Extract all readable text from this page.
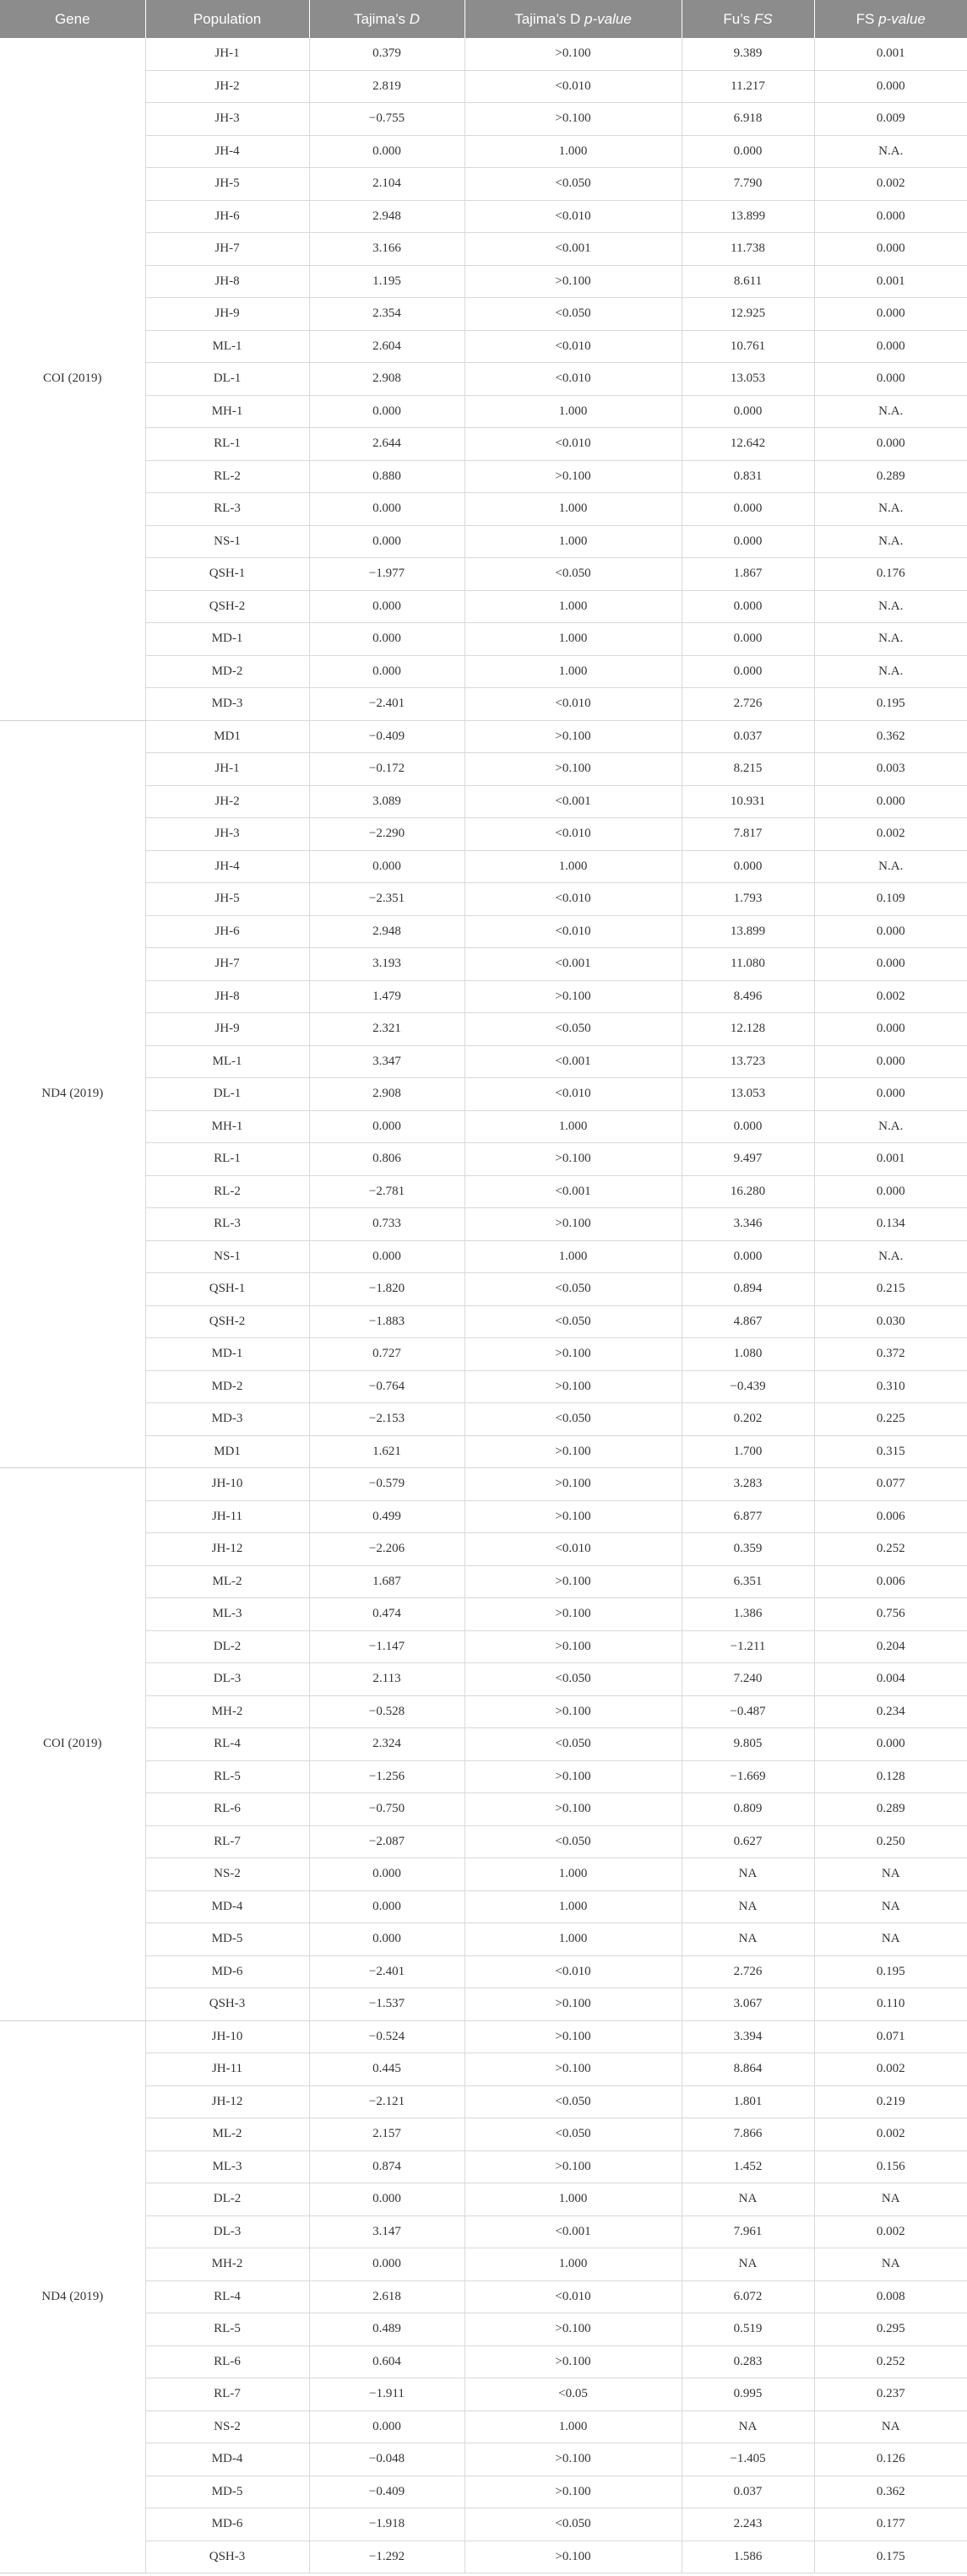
Gene	Population	Tajima’s D	Tajima’s D p-value	Fu’s FS	FS p-value
COI (2019)	JH-1	0.379	>0.100	9.389	0.001
	JH-2	2.819	<0.010	11.217	0.000
	JH-3	−0.755	>0.100	6.918	0.009
	JH-4	0.000	1.000	0.000	N.A.
	JH-5	2.104	<0.050	7.790	0.002
	JH-6	2.948	<0.010	13.899	0.000
	JH-7	3.166	<0.001	11.738	0.000
	JH-8	1.195	>0.100	8.611	0.001
	JH-9	2.354	<0.050	12.925	0.000
	ML-1	2.604	<0.010	10.761	0.000
	DL-1	2.908	<0.010	13.053	0.000
	MH-1	0.000	1.000	0.000	N.A.
	RL-1	2.644	<0.010	12.642	0.000
	RL-2	0.880	>0.100	0.831	0.289
	RL-3	0.000	1.000	0.000	N.A.
	NS-1	0.000	1.000	0.000	N.A.
	QSH-1	−1.977	<0.050	1.867	0.176
	QSH-2	0.000	1.000	0.000	N.A.
	MD-1	0.000	1.000	0.000	N.A.
	MD-2	0.000	1.000	0.000	N.A.
	MD-3	−2.401	<0.010	2.726	0.195
ND4 (2019)	MD1	−0.409	>0.100	0.037	0.362
	JH-1	−0.172	>0.100	8.215	0.003
	JH-2	3.089	<0.001	10.931	0.000
	JH-3	−2.290	<0.010	7.817	0.002
	JH-4	0.000	1.000	0.000	N.A.
	JH-5	−2.351	<0.010	1.793	0.109
	JH-6	2.948	<0.010	13.899	0.000
	JH-7	3.193	<0.001	11.080	0.000
	JH-8	1.479	>0.100	8.496	0.002
	JH-9	2.321	<0.050	12.128	0.000
	ML-1	3.347	<0.001	13.723	0.000
	DL-1	2.908	<0.010	13.053	0.000
	MH-1	0.000	1.000	0.000	N.A.
	RL-1	0.806	>0.100	9.497	0.001
	RL-2	−2.781	<0.001	16.280	0.000
	RL-3	0.733	>0.100	3.346	0.134
	NS-1	0.000	1.000	0.000	N.A.
	QSH-1	−1.820	<0.050	0.894	0.215
	QSH-2	−1.883	<0.050	4.867	0.030
	MD-1	0.727	>0.100	1.080	0.372
	MD-2	−0.764	>0.100	−0.439	0.310
	MD-3	−2.153	<0.050	0.202	0.225
	MD1	1.621	>0.100	1.700	0.315
COI (2019)	JH-10	−0.579	>0.100	3.283	0.077
	JH-11	0.499	>0.100	6.877	0.006
	JH-12	−2.206	<0.010	0.359	0.252
	ML-2	1.687	>0.100	6.351	0.006
	ML-3	0.474	>0.100	1.386	0.756
	DL-2	−1.147	>0.100	−1.211	0.204
	DL-3	2.113	<0.050	7.240	0.004
	MH-2	−0.528	>0.100	−0.487	0.234
	RL-4	2.324	<0.050	9.805	0.000
	RL-5	−1.256	>0.100	−1.669	0.128
	RL-6	−0.750	>0.100	0.809	0.289
	RL-7	−2.087	<0.050	0.627	0.250
	NS-2	0.000	1.000	NA	NA
	MD-4	0.000	1.000	NA	NA
	MD-5	0.000	1.000	NA	NA
	MD-6	−2.401	<0.010	2.726	0.195
	QSH-3	−1.537	>0.100	3.067	0.110
ND4 (2019)	JH-10	−0.524	>0.100	3.394	0.071
	JH-11	0.445	>0.100	8.864	0.002
	JH-12	−2.121	<0.050	1.801	0.219
	ML-2	2.157	<0.050	7.866	0.002
	ML-3	0.874	>0.100	1.452	0.156
	DL-2	0.000	1.000	NA	NA
	DL-3	3.147	<0.001	7.961	0.002
	MH-2	0.000	1.000	NA	NA
	RL-4	2.618	<0.010	6.072	0.008
	RL-5	0.489	>0.100	0.519	0.295
	RL-6	0.604	>0.100	0.283	0.252
	RL-7	−1.911	<0.05	0.995	0.237
	NS-2	0.000	1.000	NA	NA
	MD-4	−0.048	>0.100	−1.405	0.126
	MD-5	−0.409	>0.100	0.037	0.362
	MD-6	−1.918	<0.050	2.243	0.177
	QSH-3	−1.292	>0.100	1.586	0.175
